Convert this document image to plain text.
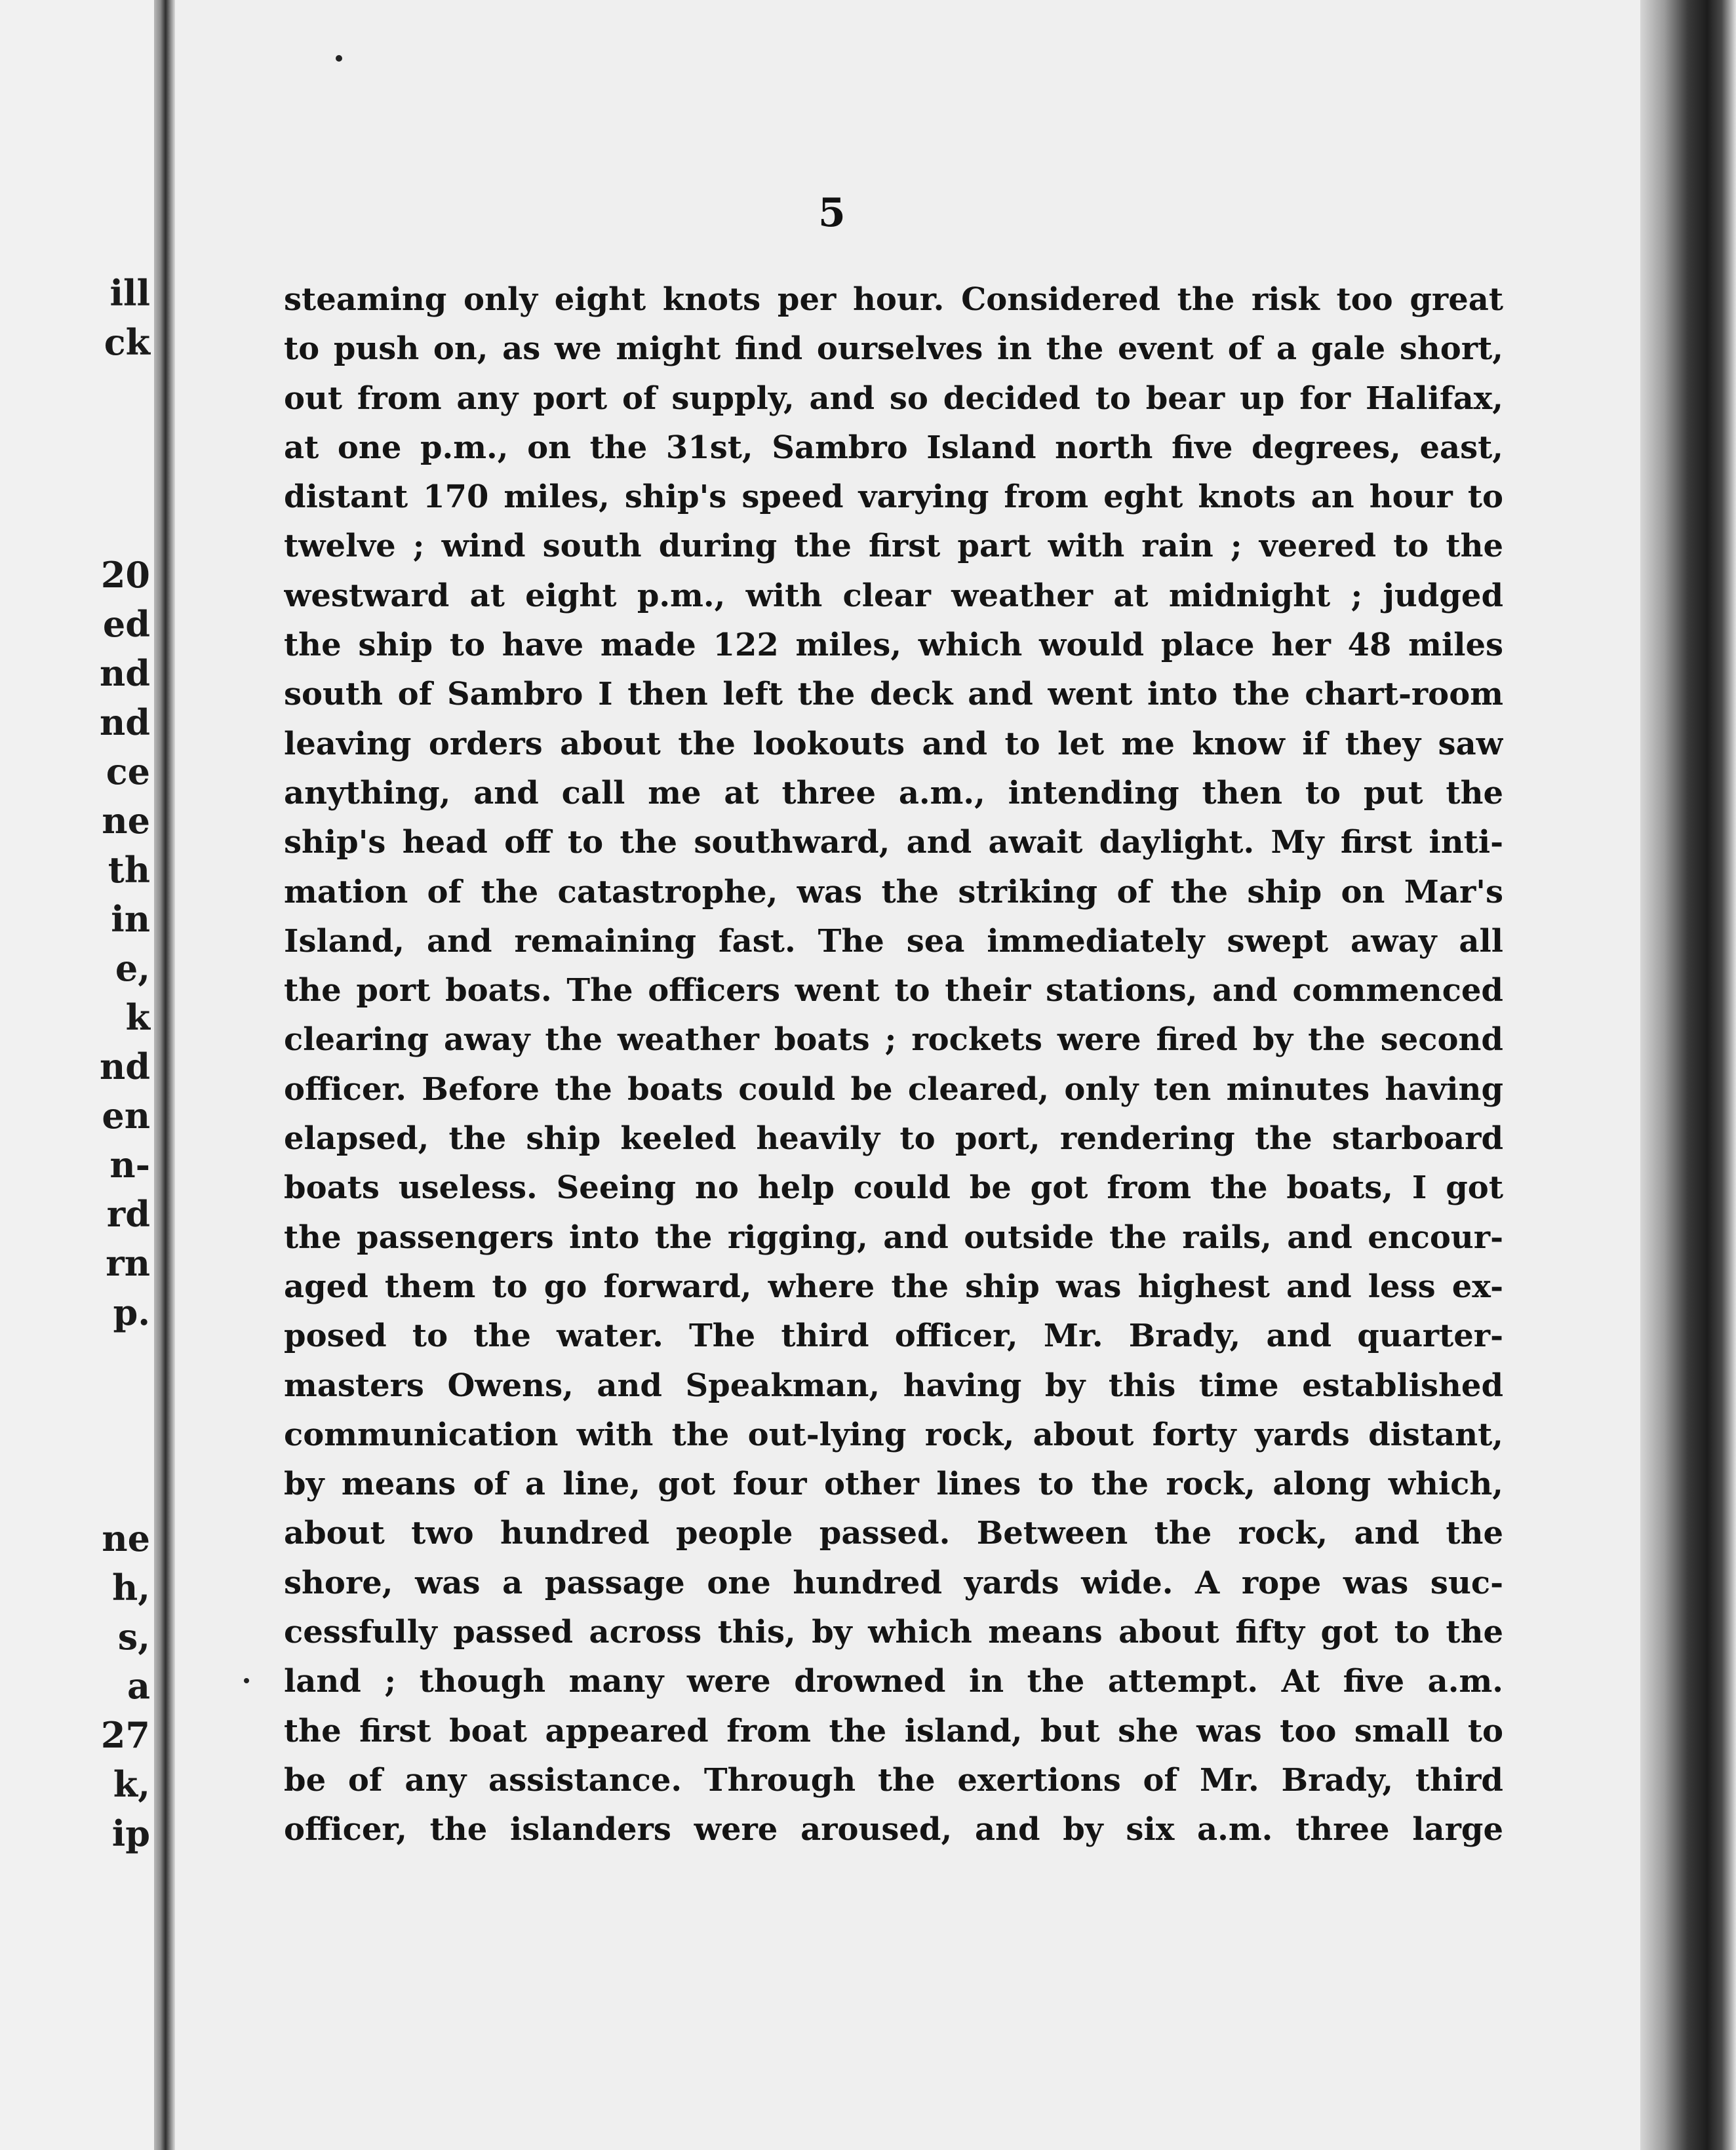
ill
ck
20
ed
nd
nd
ce
ne
th
in
e,
k
nd
en
n-
rd
rn
p.
ne
h,
s,
a
27
k,
ip
5
steaming only eight knots per hour. Considered the risk too great
to push on, as we might find ourselves in the event of a gale short,
out from any port of supply, and so decided to bear up for Halifax,
at one p.m., on the 31st, Sambro Island north five degrees, east,
distant 170 miles, ship's speed varying from eght knots an hour to
twelve ; wind south during the first part with rain ; veered to the
westward at eight p.m., with clear weather at midnight ; judged
the ship to have made 122 miles, which would place her 48 miles
south of Sambro I then left the deck and went into the chart-room
leaving orders about the lookouts and to let me know if they saw
anything, and call me at three a.m., intending then to put the
ship's head off to the southward, and await daylight. My first inti-
mation of the catastrophe, was the striking of the ship on Mar's
Island, and remaining fast. The sea immediately swept away all
the port boats. The officers went to their stations, and commenced
clearing away the weather boats ; rockets were fired by the second
officer. Before the boats could be cleared, only ten minutes having
elapsed, the ship keeled heavily to port, rendering the starboard
boats useless. Seeing no help could be got from the boats, I got
the passengers into the rigging, and outside the rails, and encour-
aged them to go forward, where the ship was highest and less ex-
posed to the water. The third officer, Mr. Brady, and quarter-
masters Owens, and Speakman, having by this time established
communication with the out-lying rock, about forty yards distant,
by means of a line, got four other lines to the rock, along which,
about two hundred people passed. Between the rock, and the
shore, was a passage one hundred yards wide. A rope was suc-
cessfully passed across this, by which means about fifty got to the
land ; though many were drowned in the attempt. At five a.m.
the first boat appeared from the island, but she was too small to
be of any assistance. Through the exertions of Mr. Brady, third
officer, the islanders were aroused, and by six a.m. three large
